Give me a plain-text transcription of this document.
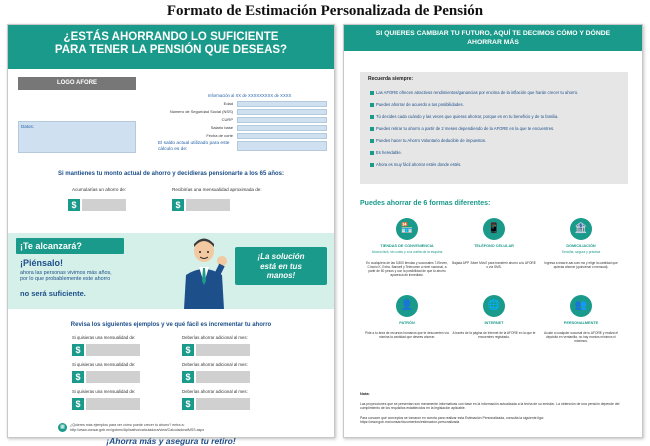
Formato de Estimación Personalizada de Pensión
¿ESTÁS AHORRANDO LO SUFICIENTE
PARA TENER LA PENSIÓN QUE DESEAS?
LOGO AFORE
Datos:
Información al XX de XXXXXXXXX de XXXX
Edad
Número de Seguridad Social (NSS)
CURP
Salario base
Fecha de corte
El saldo actual utilizado para este cálculo es de:
Si mantienes tu monto actual de ahorro y decidieras pensionarte a los 65 años:
Acumularías un ahorro de:	Recibirías una mensualidad aproximada de:
$	$
¡Te alcanzará?
¡Piénsalo!
ahora las personas vivimos más años, por lo que probablemente este ahorro
no será suficiente.
¡La solución
está en tus
manos!
Revisa los siguientes ejemplos y ve qué fácil es incrementar tu ahorro
Si quisieras una mensualidad de:	Deberías ahorrar adicional al mes:
$	$
Si quisieras una mensualidad de:	Deberías ahorrar adicional al mes:
$	$
Si quisieras una mensualidad de:	Deberías ahorrar adicional al mes:
$	$
▦	¿Quieres más ejemplos para ver cómo puede crecer tu ahorro? entra a:
http://www.consar.gob.mx/gobmx/Aplicativo/calculadora/view/CalculadoraIMSS.aspx
¡Ahorra más y asegura tu retiro!
SI QUIERES CAMBIAR TU FUTURO, AQUÍ TE DECIMOS CÓMO Y DÓNDE
AHORRAR MÁS
Recuerda siempre:
Las AFORE ofrecen atractivos rendimientos/ganancias por encima de la inflación que harán crecer tu ahorro.
Puedes ahorrar de acuerdo a tus posibilidades.
Tú decides cada cuándo y las veces que quieras ahorrar, porque es en tu beneficio y de tu familia.
Puedes retirar tu ahorro a partir de 2 meses dependiendo de la AFORE en la que te encuentres.
Puedes hacer tu Ahorro Voluntario deducible de impuestos.
Es heredable.
Ahora es muy fácil ahorrar estés donde estés.
Puedes ahorrar de 6 formas diferentes:
🏪
TIENDAS DE CONVENIENCIA
Ahorra fácil, sin costo y a la vuelta de la esquina
En cualquiera de las 5,800 tiendas y sucursales 7-Eleven, Círculo K, Extra, Bansefi y Telecomm a nivel nacional, a partir de 50 pesos y con la posibilidad de que tu ahorro aparezca de inmediato.
📱
TELÉFONO CELULAR
Bajada APP 'Afore Móvil' para transferir ahorro a tu AFORE o vía SMS.
🏦
DOMICILIACIÓN
Sencilla, segura y práctica
Ingresa a www.e-sar.com.mx y elige la cantidad que quieras ahorrar (quincenal o mensual).
👤
PATRÓN
Pide a tu área de recursos humanos que te descuenten vía nómina la cantidad que desees ahorrar.
🌐
INTERNET
A través de la página de Internet de la AFORE en la que te encuentres registrado.
👥
PERSONALMENTE
Acude a cualquier sucursal de tu AFORE y realiza el depósito en ventanilla, no hay montos mínimos ni máximos.
Nota:
Las proyecciones que se presentan son meramente informativas con base en la información actualizada a la fecha de su emisión. La obtención de una pensión depende del cumplimiento de los requisitos establecidos en la legislación aplicable.
Para conocer qué conceptos se tomaron en cuenta para realizar esta Estimación Personalizada, consulta la siguiente liga:
https://www.gob.mx/consar/documentos/estimacion-personalizada
